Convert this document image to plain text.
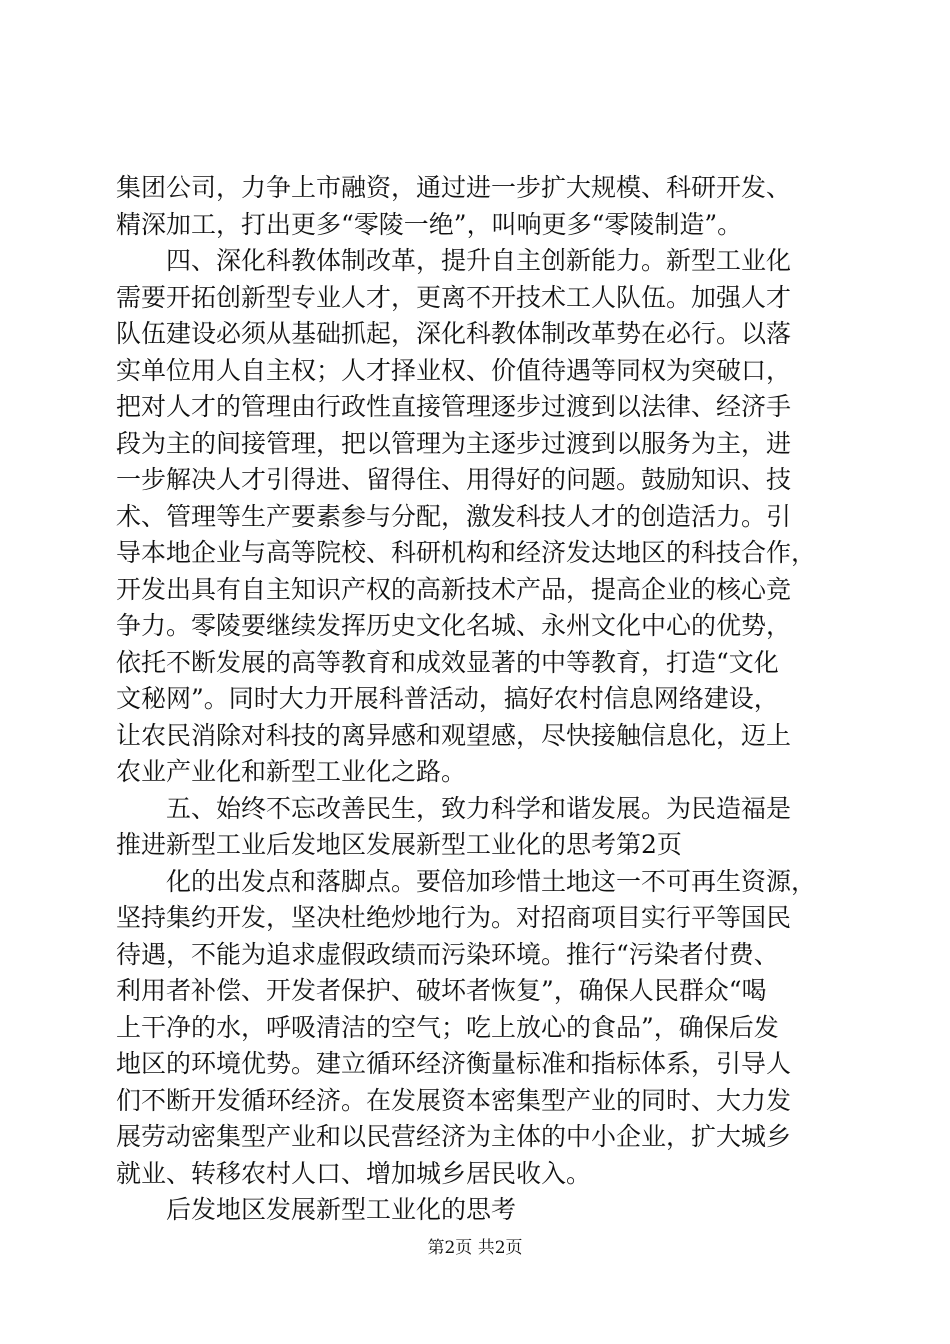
集团公司，力争上市融资，通过进一步扩大规模、科研开发、
精深加工，打出更多“零陵一绝”，叫响更多“零陵制造”。
　　四、深化科教体制改革，提升自主创新能力。新型工业化
需要开拓创新型专业人才，更离不开技术工人队伍。加强人才
队伍建设必须从基础抓起，深化科教体制改革势在必行。以落
实单位用人自主权；人才择业权、价值待遇等同权为突破口，
把对人才的管理由行政性直接管理逐步过渡到以法律、经济手
段为主的间接管理，把以管理为主逐步过渡到以服务为主，进
一步解决人才引得进、留得住、用得好的问题。鼓励知识、技
术、管理等生产要素参与分配，激发科技人才的创造活力。引
导本地企业与高等院校、科研机构和经济发达地区的科技合作，
开发出具有自主知识产权的高新技术产品，提高企业的核心竞
争力。零陵要继续发挥历史文化名城、永州文化中心的优势，
依托不断发展的高等教育和成效显著的中等教育，打造“文化
文秘网”。同时大力开展科普活动，搞好农村信息网络建设，
让农民消除对科技的离异感和观望感，尽快接触信息化，迈上
农业产业化和新型工业化之路。
　　五、始终不忘改善民生，致力科学和谐发展。为民造福是
推进新型工业后发地区发展新型工业化的思考第2页
　　化的出发点和落脚点。要倍加珍惜土地这一不可再生资源，
坚持集约开发，坚决杜绝炒地行为。对招商项目实行平等国民
待遇，不能为追求虚假政绩而污染环境。推行“污染者付费、
利用者补偿、开发者保护、破坏者恢复”，确保人民群众“喝
上干净的水，呼吸清洁的空气；吃上放心的食品”，确保后发
地区的环境优势。建立循环经济衡量标准和指标体系，引导人
们不断开发循环经济。在发展资本密集型产业的同时、大力发
展劳动密集型产业和以民营经济为主体的中小企业，扩大城乡
就业、转移农村人口、增加城乡居民收入。
　　后发地区发展新型工业化的思考
第2页 共2页
